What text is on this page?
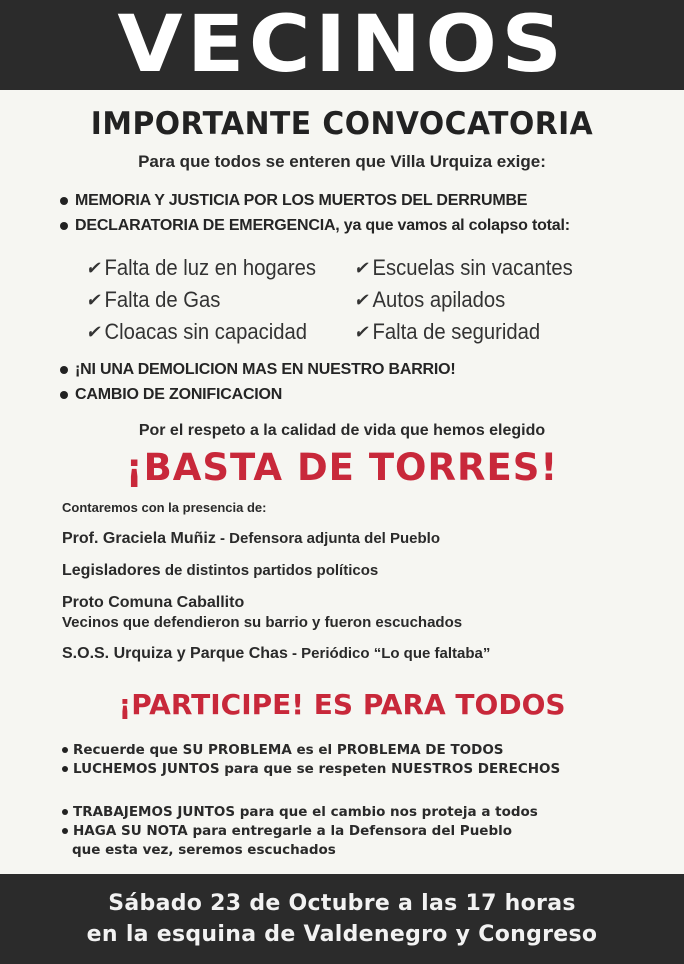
VECINOS
IMPORTANTE CONVOCATORIA
Para que todos se enteren que Villa Urquiza exige:
MEMORIA Y JUSTICIA POR LOS MUERTOS DEL DERRUMBE
DECLARATORIA DE EMERGENCIA, ya que vamos al colapso total:
✔ Falta de luz en hogares ✔ Escuelas sin vacantes
✔ Falta de Gas	✔ Autos apilados
✔ Cloacas sin capacidad	✔ Falta de seguridad
¡NI UNA DEMOLICION MAS EN NUESTRO BARRIO!
CAMBIO DE ZONIFICACION
Por el respeto a la calidad de vida que hemos elegido
¡BASTA DE TORRES!
Contaremos con la presencia de:
Prof. Graciela Muñiz - Defensora adjunta del Pueblo
Legisladores de distintos partidos políticos
Proto Comuna Caballito
Vecinos que defendieron su barrio y fueron escuchados
S.O.S. Urquiza y Parque Chas - Periódico “Lo que faltaba”
¡PARTICIPE! ES PARA TODOS
Recuerde que SU PROBLEMA es el PROBLEMA DE TODOS
LUCHEMOS JUNTOS para que se respeten NUESTROS DERECHOS
TRABAJEMOS JUNTOS para que el cambio nos proteja a todos
HAGA SU NOTA para entregarle a la Defensora del Pueblo
que esta vez, seremos escuchados
Sábado 23 de Octubre a las 17 horas
en la esquina de Valdenegro y Congreso
